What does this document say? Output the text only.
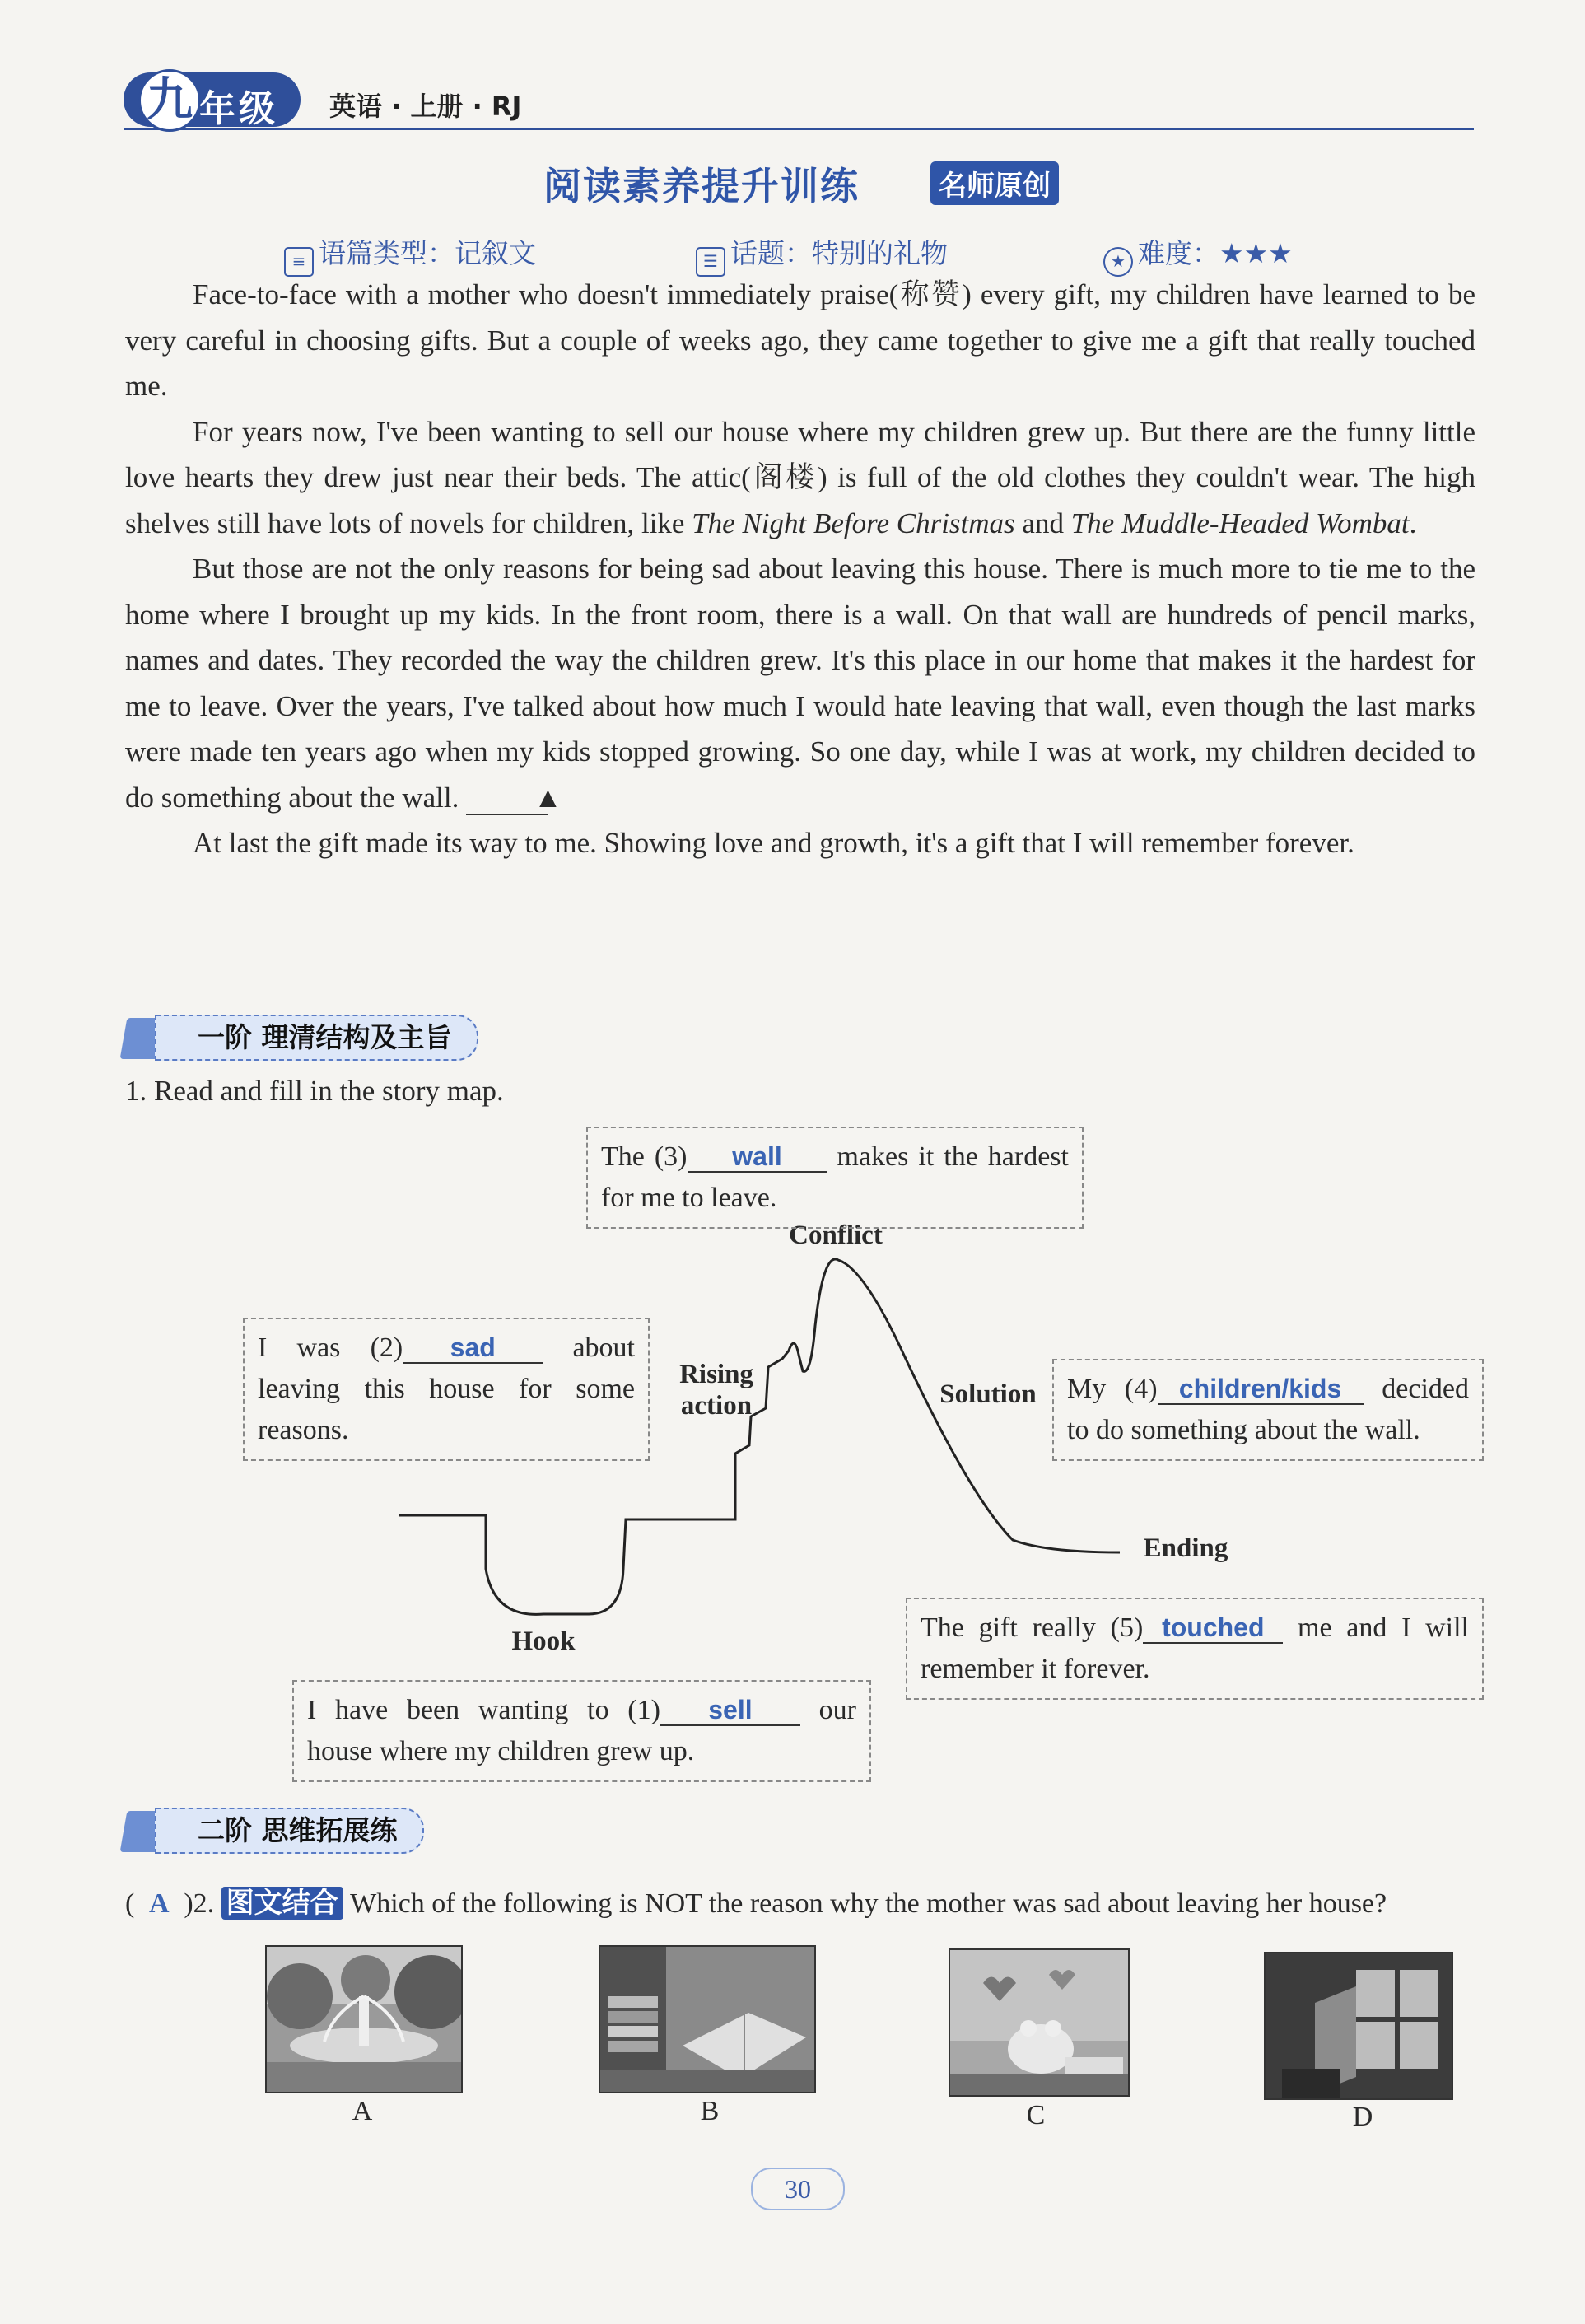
九 年级 英语 · 上册 · RJ
阅读素养提升训练	名师原创
≡ 语篇类型：记叙文	☰ 话题：特别的礼物	★ 难度：★★★

Face-to-face with a mother who doesn't immediately praise(称赞) every gift, my children have learned to be very careful in choosing gifts. But a couple of weeks ago, they came together to give me a gift that really touched me.

For years now, I've been wanting to sell our house where my children grew up. But there are the funny little love hearts they drew just near their beds. The attic(阁楼) is full of the old clothes they couldn't wear. The high shelves still have lots of novels for children, like The Night Before Christmas and The Muddle-Headed Wombat.

But those are not the only reasons for being sad about leaving this house. There is much more to tie me to the home where I brought up my kids. In the front room, there is a wall. On that wall are hundreds of pencil marks, names and dates. They recorded the way the children grew. It's this place in our home that makes it the hardest for me to leave. Over the years, I've talked about how much I would hate leaving that wall, even though the last marks were made ten years ago when my kids stopped growing. So one day, while I was at work, my children decided to do something about the wall.	▲

At last the gift made its way to me. Showing love and growth, it's a gift that I will remember forever.

一阶 理清结构及主旨
1. Read and fill in the story map.
Conflict
Rising action	Solution
Ending
Hook
The (3) wall makes it the hardest for me to leave.
I was (2) sad about leaving this house for some reasons.
My (4) children/kids decided to do something about the wall.
The gift really (5) touched me and I will remember it forever.
I have been wanting to (1) sell our house where my children grew up.
二阶 思维拓展练
( A )2. 图文结合 Which of the following is NOT the reason why the mother was sad about leaving her house?
A	B	C	D
30
